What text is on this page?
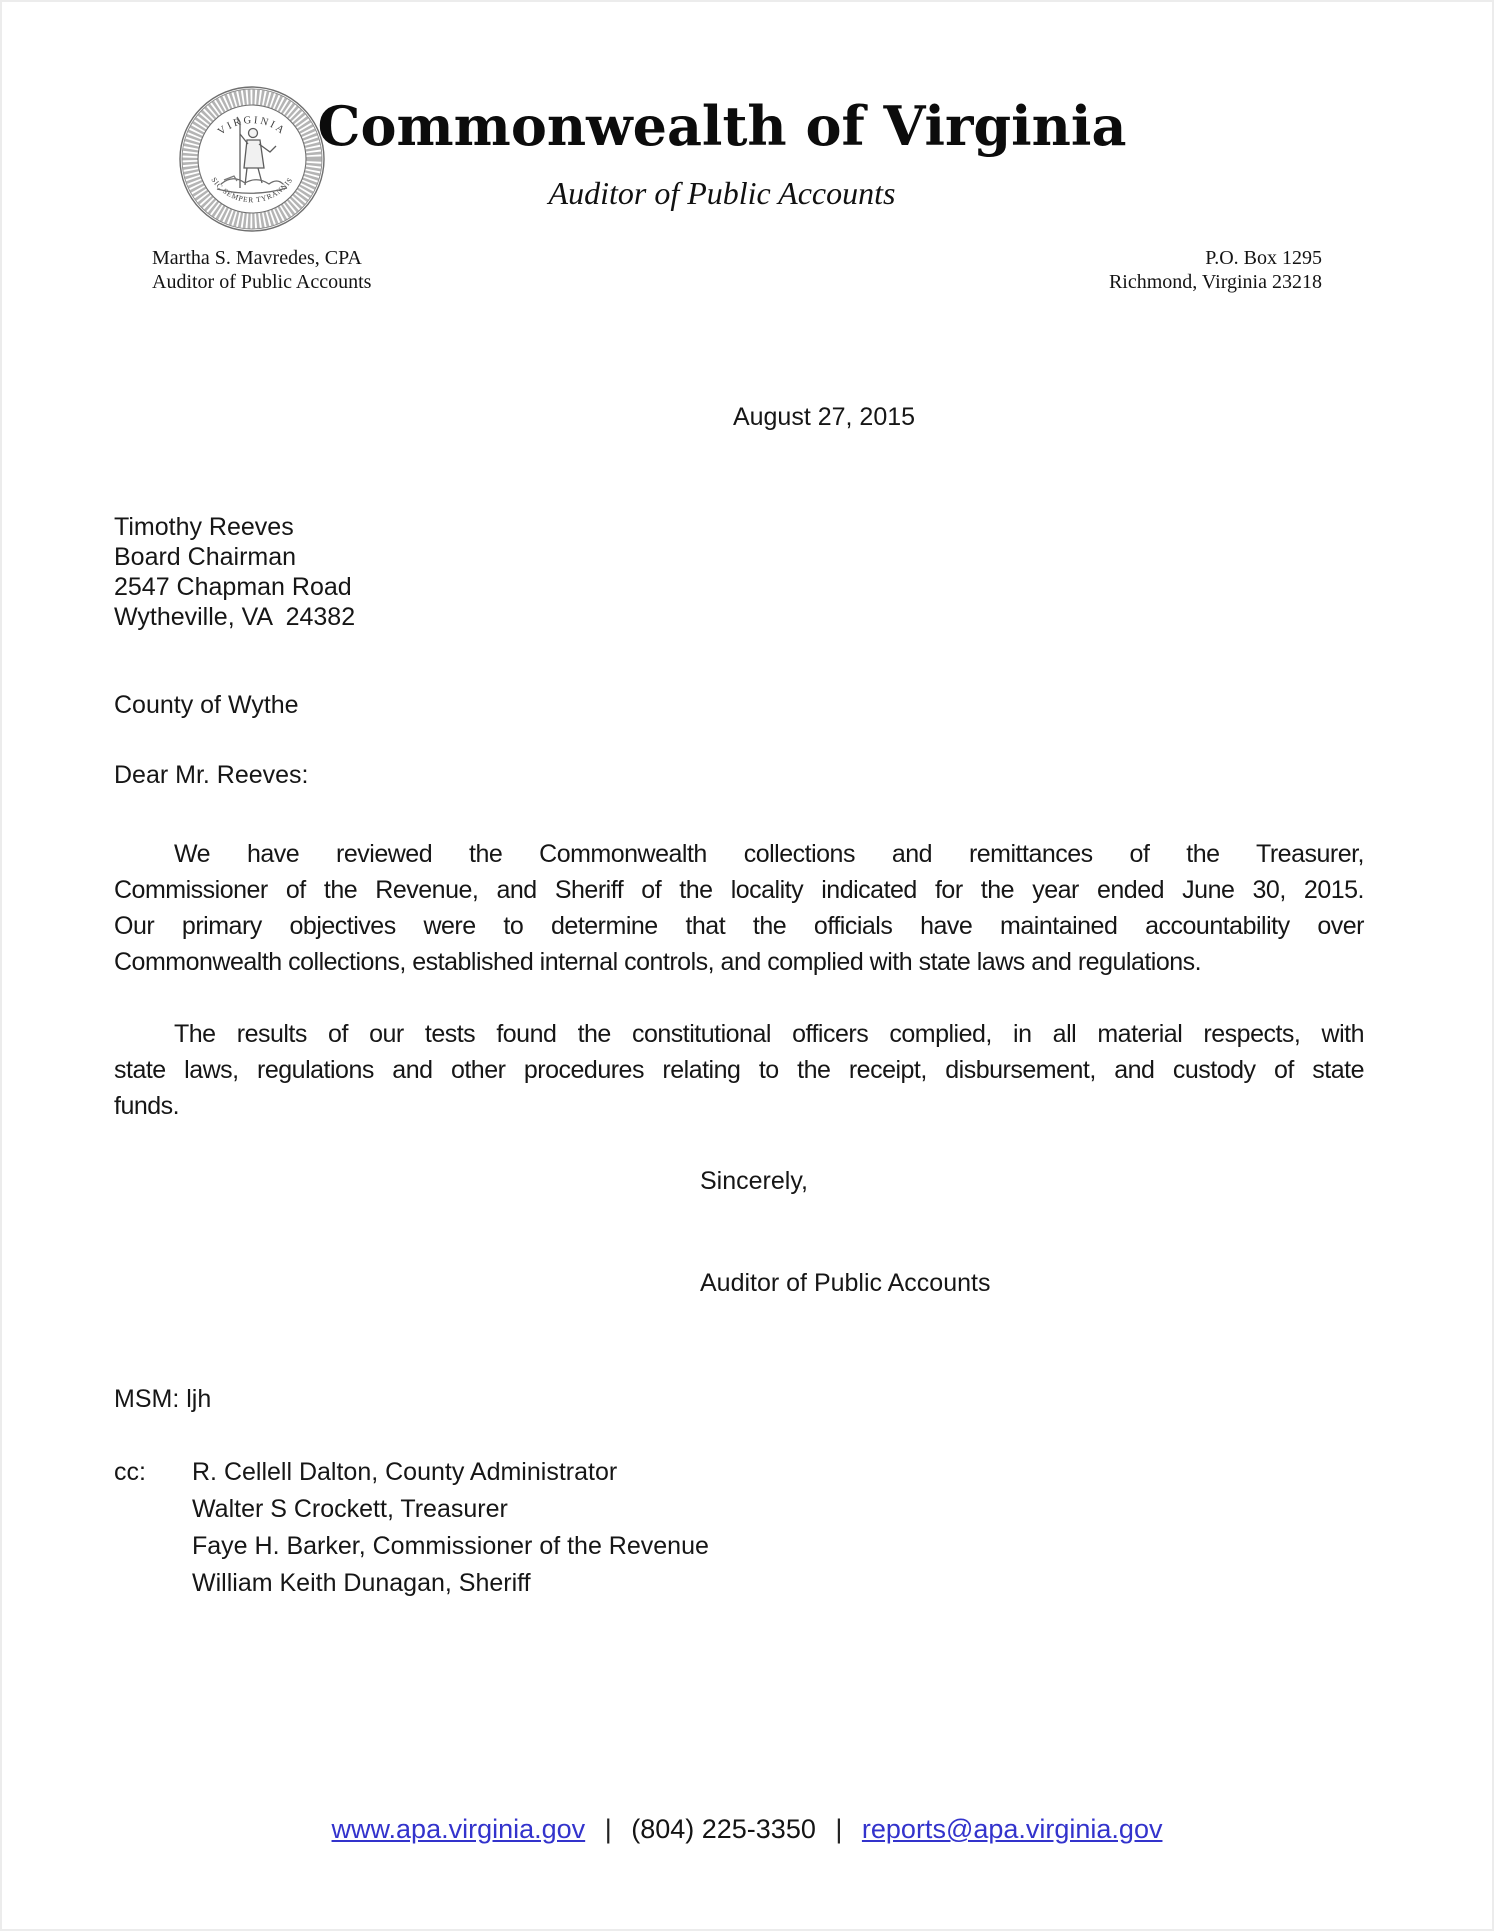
VIRGINIA
SIC SEMPER TYRANNIS
Commonwealth of Virginia
Auditor of Public Accounts
Martha S. Mavredes, CPA
Auditor of Public Accounts
P.O. Box 1295
Richmond, Virginia 23218
August 27, 2015
Timothy Reeves
Board Chairman
2547 Chapman Road
Wytheville, VA  24382
County of Wythe
Dear Mr. Reeves:
We have reviewed the Commonwealth collections and remittances of the Treasurer,
Commissioner of the Revenue, and Sheriff of the locality indicated for the year ended June 30, 2015.
Our primary objectives were to determine that the officials have maintained accountability over
Commonwealth collections, established internal controls, and complied with state laws and regulations.
The results of our tests found the constitutional officers complied, in all material respects, with
state laws, regulations and other procedures relating to the receipt, disbursement, and custody of state
funds.
Sincerely,
Auditor of Public Accounts
MSM: ljh
cc:	R. Cellell Dalton, County Administrator
Walter S Crockett, Treasurer
Faye H. Barker, Commissioner of the Revenue
William Keith Dunagan, Sheriff
www.apa.virginia.gov | (804) 225-3350 | reports@apa.virginia.gov
